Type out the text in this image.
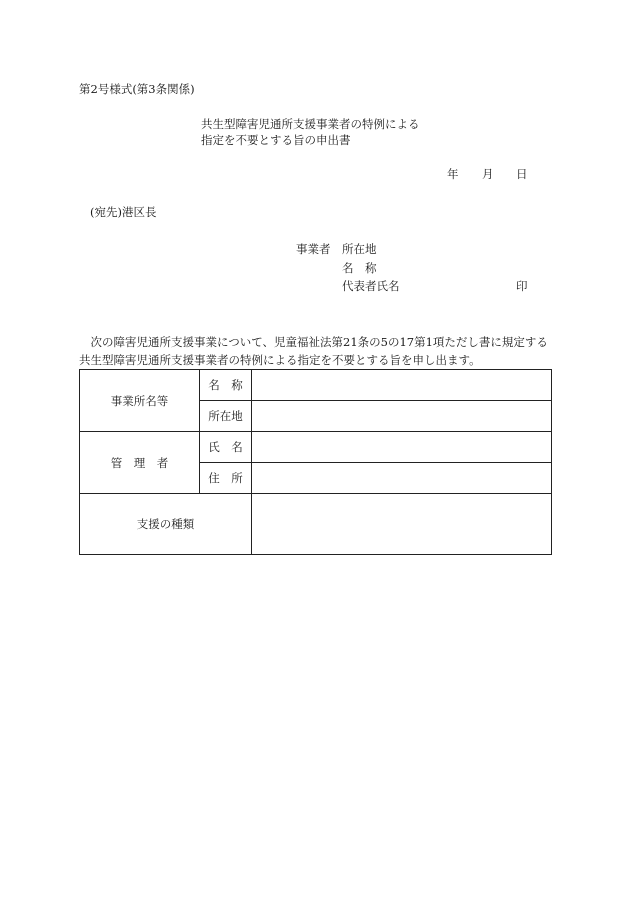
第2号様式(第3条関係)
共生型障害児通所支援事業者の特例による
指定を不要とする旨の申出書
年 月 日
(宛先)港区長
事業者 所在地
名　称
代表者氏名	印
　次の障害児通所支援事業について、児童福祉法第21条の5の17第1項ただし書に規定する
共生型障害児通所支援事業者の特例による指定を不要とする旨を申し出ます。
事業所名等	名　称	
	所在地	
管　理　者	氏　名	
	住　所	
支援の種類		
